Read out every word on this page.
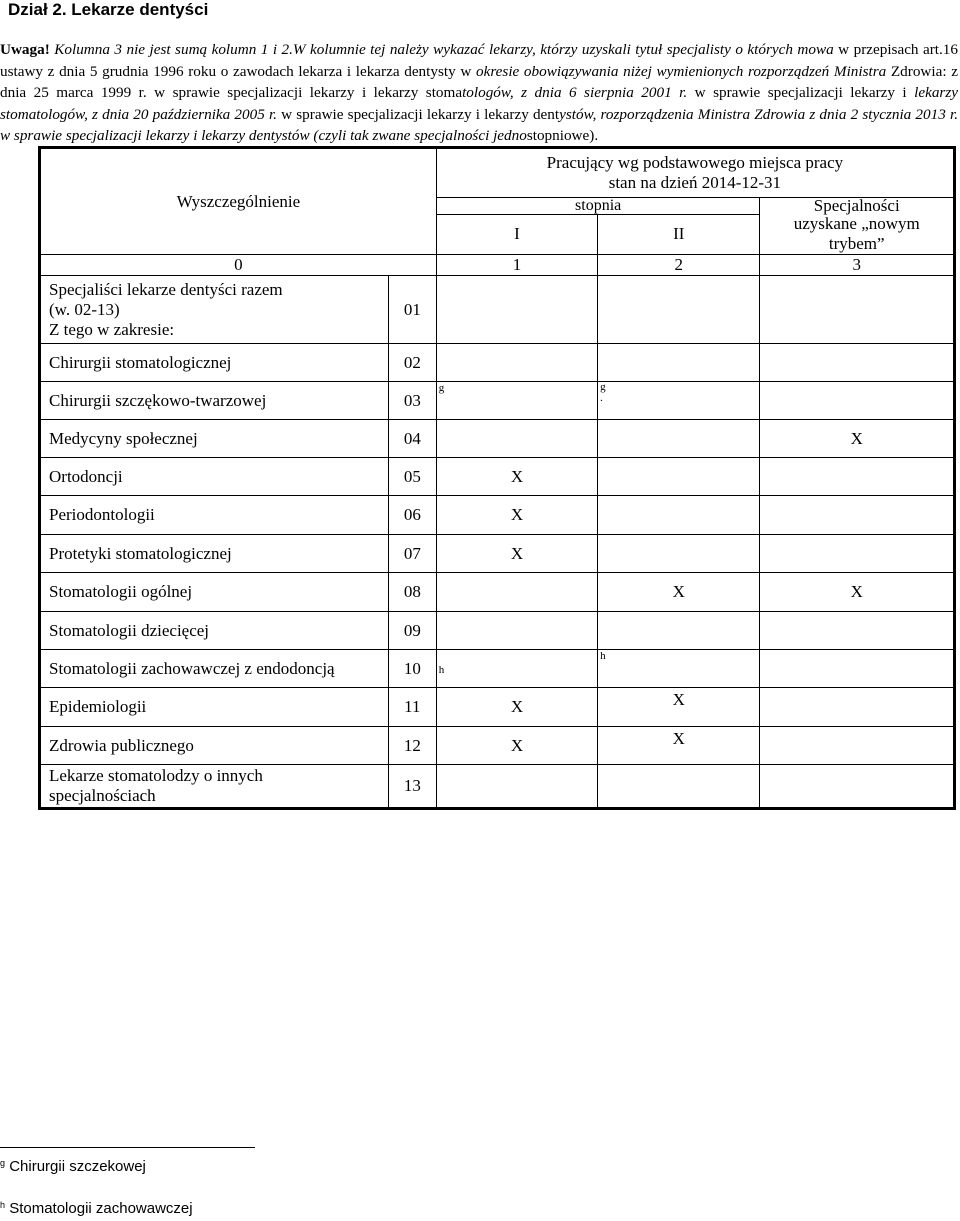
Dział 2. Lekarze dentyści
Uwaga! Kolumna 3 nie jest sumą kolumn 1 i 2.W kolumnie tej należy wykazać lekarzy, którzy uzyskali tytuł specjalisty o których mowa w przepisach art.16 ustawy z dnia 5 grudnia 1996 roku o zawodach lekarza i lekarza dentysty w okresie obowiązywania niżej wymienionych rozporządzeń Ministra Zdrowia: z dnia 25 marca 1999 r. w sprawie specjalizacji lekarzy i lekarzy stomatologów, z dnia 6 sierpnia 2001 r. w sprawie specjalizacji lekarzy i lekarzy stomatologów, z dnia 20 października 2005 r. w sprawie specjalizacji lekarzy i lekarzy dentystów, rozporządzenia Ministra Zdrowia z dnia 2 stycznia 2013 r. w sprawie specjalizacji lekarzy i lekarzy dentystów (czyli tak zwane specjalności jednostopniowe).
Wyszczególnienie		Pracujący wg podstawowego miejsca pracy
stan na dzień 2014-12-31		

		stopnia		Specjalności
		I	II	uzyskane „nowym
trybem”

0		1	2	3

Specjaliści lekarze dentyści razem
(w. 02-13)
Z tego w zakresie:	01			
Chirurgii stomatologicznej	02			
Chirurgii szczękowo-twarzowej	03	$^g$	$^g$
.	
Medycyny społecznej	04			X
Ortodoncji	05	X		
Periodontologii	06	X		
Protetyki stomatologicznej	07	X		
Stomatologii ogólnej	08		X	X
Stomatologii dziecięcej	09			
Stomatologii zachowawczej z endodoncją	10	h	$^h$	
Epidemiologii	11	X	X	
Zdrowia publicznego	12	X	X	

Lekarze stomatolodzy o innych
specjalnościach	13			
$^g$ Chirurgii szczekowej
$^h$ Stomatologii zachowawczej
